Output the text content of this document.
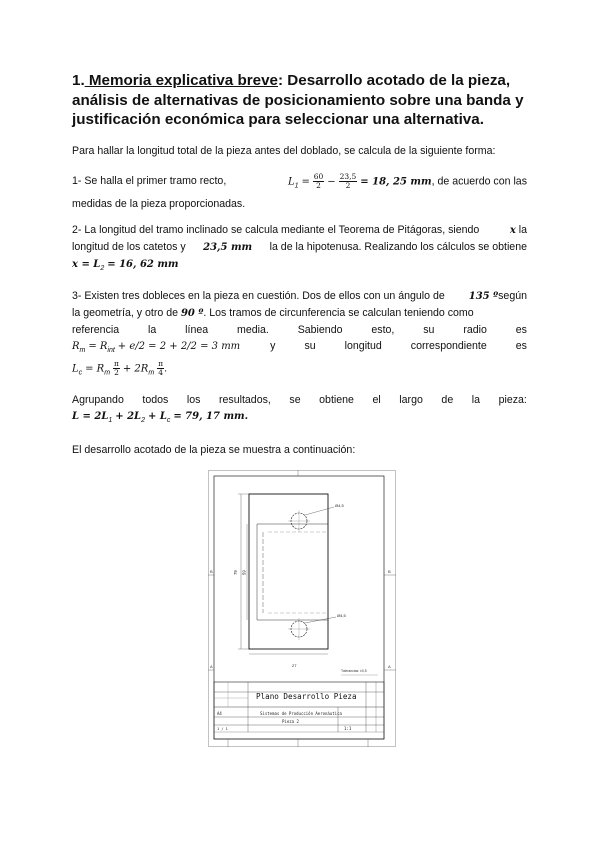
1. Memoria explicativa breve: Desarrollo acotado de la pieza, análisis de alternativas de posicionamiento sobre una banda y justificación económica para seleccionar una alternativa.

Para hallar la longitud total de la pieza antes del doblado, se calcula de la siguiente forma:

1- Se halla el primer tramo recto,	$L_1 = \frac{60}{2} - \frac{23,5}{2} = 18$, 25 mm, de acuerdo con las

medidas de la pieza proporcionadas.

2- La longitud del tramo inclinado se calcula mediante el Teorema de Pitágoras, siendo	x la
longitud de los catetos y 23,5 mm la de la hipotenusa. Realizando los cálculos se obtiene
$x = L_2 = 16$, 62 mm
3- Existen tres dobleces en la pieza en cuestión. Dos de ellos con un ángulo de 135 ºsegún
la geometría, y otro de 90 º. Los tramos de circunferencia se calculan teniendo como
referencia	la	línea	media.	Sabiendo	esto,	su	radio	es
$R_m = R_{int} + e/2 = 2 + 2/2 = 3$ mm	y	su	longitud	correspondiente	es
$L_c = R_m \frac{\pi}{2} + 2R_m \frac{\pi}{4}$ .
Agrupando todos los resultados, se obtiene el largo de la pieza:
$L = 2L_1 + 2L_2 + L_c = 79$, 17 mm.

El desarrollo acotado de la pieza se muestra a continuación:

B
A
B
A
Ø4,5
Ø4,5
79 59
27
Tolerancias: ±0,5
Plano Desarrollo Pieza
Sistemas de Producción Aeronáutica
Pieza 2
1:1
A4
1 / 1
